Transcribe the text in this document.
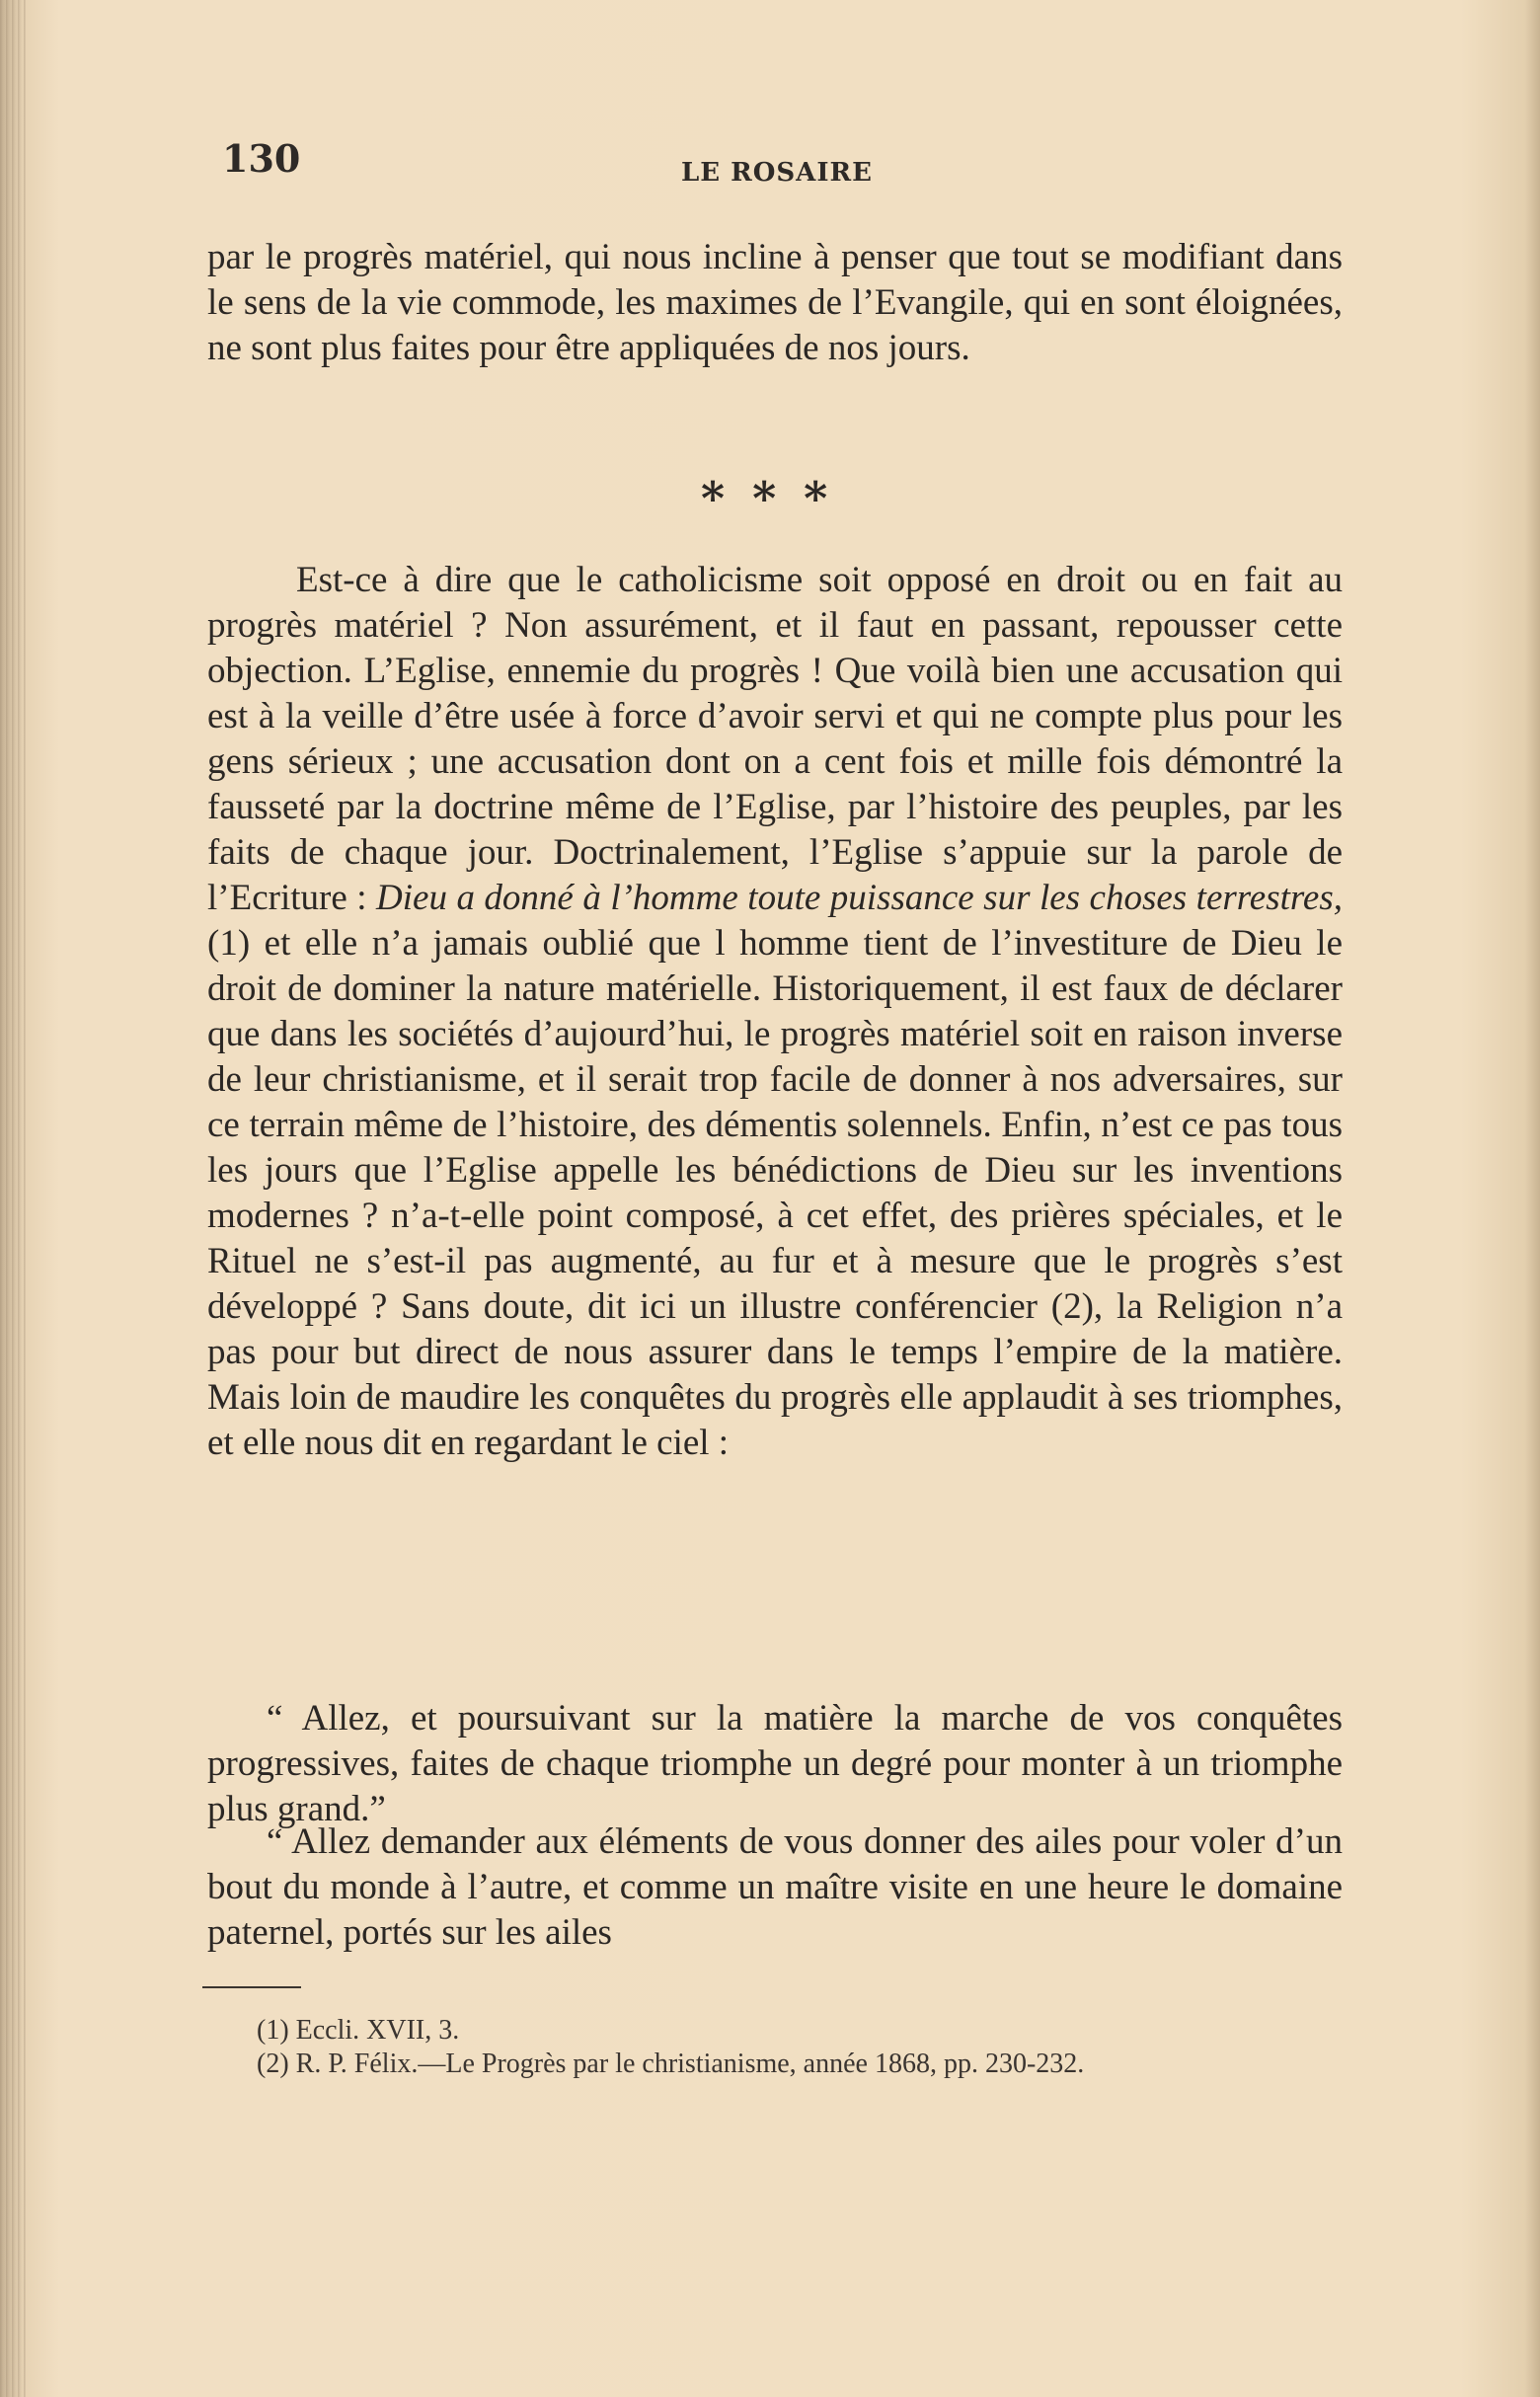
130	LE ROSAIRE

par le progrès matériel, qui nous incline à penser que tout se modifiant dans le sens de la vie commode, les maximes de l’Evangile, qui en sont éloignées, ne sont plus faites pour être appliquées de nos jours.

* * *

Est-ce à dire que le catholicisme soit opposé en droit ou en fait au progrès matériel ? Non assurément, et il faut en passant, repousser cette objection. L’Eglise, ennemie du progrès ! Que voilà bien une accusation qui est à la veille d’être usée à force d’avoir servi et qui ne compte plus pour les gens sérieux ; une accusation dont on a cent fois et mille fois démontré la fausseté par la doctrine même de l’Eglise, par l’histoire des peuples, par les faits de chaque jour. Doctrinalement, l’Eglise s’appuie sur la parole de l’Ecriture : Dieu a donné à l’homme toute puissance sur les choses terrestres, (1) et elle n’a jamais oublié que l homme tient de l’investiture de Dieu le droit de dominer la nature matérielle. Historiquement, il est faux de déclarer que dans les sociétés d’aujourd’hui, le progrès matériel soit en raison inverse de leur christianisme, et il serait trop facile de donner à nos adversaires, sur ce terrain même de l’histoire, des démentis solennels. Enfin, n’est ce pas tous les jours que l’Eglise appelle les bénédictions de Dieu sur les inventions modernes ? n’a-t-elle point composé, à cet effet, des prières spéciales, et le Rituel ne s’est-il pas augmenté, au fur et à mesure que le progrès s’est développé ? Sans doute, dit ici un illustre conférencier (2), la Religion n’a pas pour but direct de nous assurer dans le temps l’empire de la matière. Mais loin de maudire les conquêtes du progrès elle applaudit à ses triomphes, et elle nous dit en regardant le ciel :

“ Allez, et poursuivant sur la matière la marche de vos conquêtes progressives, faites de chaque triomphe un degré pour monter à un triomphe plus grand.”

“ Allez demander aux éléments de vous donner des ailes pour voler d’un bout du monde à l’autre, et comme un maître visite en une heure le domaine paternel, portés sur les ailes

(1) Eccli. XVII, 3.

(2) R. P. Félix.—Le Progrès par le christianisme, année 1868, pp. 230-232.
